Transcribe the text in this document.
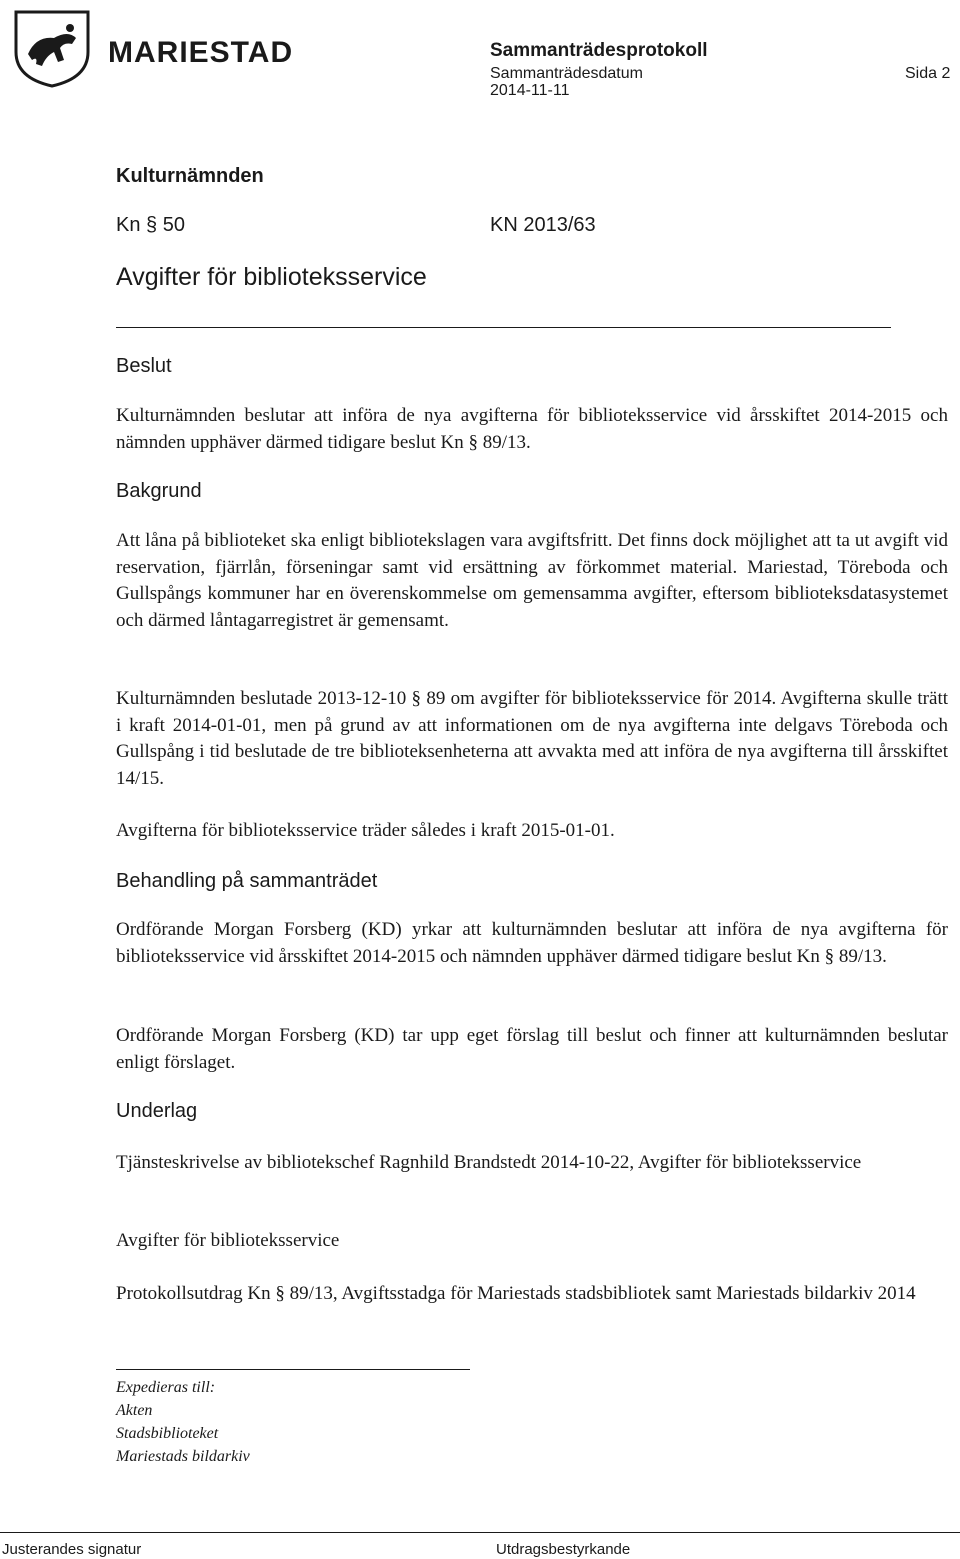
MARIESTAD	Sammanträdesprotokoll
Sammanträdesdatum
2014-11-11
Sida 2
Kulturnämnden
Kn § 50	KN 2013/63
Avgifter för biblioteksservice
Beslut

Kulturnämnden beslutar att införa de nya avgifterna för biblioteksservice vid årsskiftet 2014-2015 och nämnden upphäver därmed tidigare beslut Kn § 89/13.

Bakgrund

Att låna på biblioteket ska enligt bibliotekslagen vara avgiftsfritt. Det finns dock möjlighet att ta ut avgift vid reservation, fjärrlån, förseningar samt vid ersättning av förkommet material. Mariestad, Töreboda och Gullspångs kommuner har en överenskommelse om gemensamma avgifter, eftersom biblioteksdatasystemet och därmed låntagarregistret är gemensamt.

Kulturnämnden beslutade 2013-12-10 § 89 om avgifter för biblioteksservice för 2014. Avgifterna skulle trätt i kraft 2014-01-01, men på grund av att informationen om de nya avgifterna inte delgavs Töreboda och Gullspång i tid beslutade de tre biblioteksenheterna att avvakta med att införa de nya avgifterna till årsskiftet 14/15.

Avgifterna för biblioteksservice träder således i kraft 2015-01-01.

Behandling på sammanträdet

Ordförande Morgan Forsberg (KD) yrkar att kulturnämnden beslutar att införa de nya avgifterna för biblioteksservice vid årsskiftet 2014-2015 och nämnden upphäver därmed tidigare beslut Kn § 89/13.

Ordförande Morgan Forsberg (KD) tar upp eget förslag till beslut och finner att kulturnämnden beslutar enligt förslaget.

Underlag

Tjänsteskrivelse av bibliotekschef Ragnhild Brandstedt 2014-10-22, Avgifter för biblioteksservice

Avgifter för biblioteksservice

Protokollsutdrag Kn § 89/13, Avgiftsstadga för Mariestads stadsbibliotek samt Mariestads bildarkiv 2014

Expedieras till:
Akten
Stadsbiblioteket
Mariestads bildarkiv
Justerandes signatur	Utdragsbestyrkande
